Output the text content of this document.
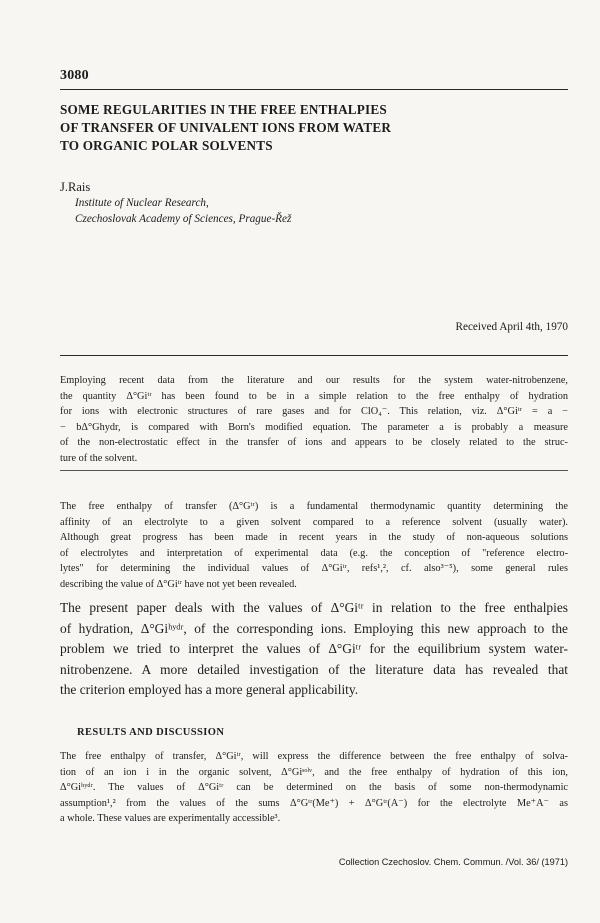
3080
SOME REGULARITIES IN THE FREE ENTHALPIES
OF TRANSFER OF UNIVALENT IONS FROM WATER
TO ORGANIC POLAR SOLVENTS
J.Rais
Institute of Nuclear Research,
Czechoslovak Academy of Sciences, Prague-Řež
Received April 4th, 1970
Employing recent data from the literature and our results for the system water-nitrobenzene,
the quantity Δ°Giᵗʳ has been found to be in a simple relation to the free enthalpy of hydration
for ions with electronic structures of rare gases and for ClO₄⁻. This relation, viz. Δ°Giᵗʳ = a −
− bΔ°Ghydr, is compared with Born's modified equation. The parameter a is probably a measure
of the non-electrostatic effect in the transfer of ions and appears to be closely related to the struc-
ture of the solvent.
The free enthalpy of transfer (Δ°Gᵗʳ) is a fundamental thermodynamic quantity determining the
affinity of an electrolyte to a given solvent compared to a reference solvent (usually water).
Although great progress has been made in recent years in the study of non-aqueous solutions
of electrolytes and interpretation of experimental data (e.g. the conception of "reference electro-
lytes" for determining the individual values of Δ°Giᵗʳ, refs¹,², cf. also³⁻⁵), some general rules
describing the value of Δ°Giᵗʳ have not yet been revealed.
The present paper deals with the values of Δ°Giᵗʳ in relation to the free enthalpies
of hydration, Δ°Giʰʸᵈʳ, of the corresponding ions. Employing this new approach to the
problem we tried to interpret the values of Δ°Giᵗʳ for the equilibrium system water-
nitrobenzene. A more detailed investigation of the literature data has revealed that
the criterion employed has a more general applicability.
RESULTS AND DISCUSSION
The free enthalpy of transfer, Δ°Giᵗʳ, will express the difference between the free enthalpy of solva-
tion of an ion i in the organic solvent, Δ°Giˢᵒˡᵛ, and the free enthalpy of hydration of this ion,
Δ°Giʰʸᵈʳ. The values of Δ°Giᵗʳ can be determined on the basis of some non-thermodynamic
assumption¹,² from the values of the sums Δ°Gᵗʳ(Me⁺) + Δ°Gᵗʳ(A⁻) for the electrolyte Me⁺A⁻ as
a whole. These values are experimentally accessible³.
Collection Czechoslov. Chem. Commun. /Vol. 36/ (1971)
